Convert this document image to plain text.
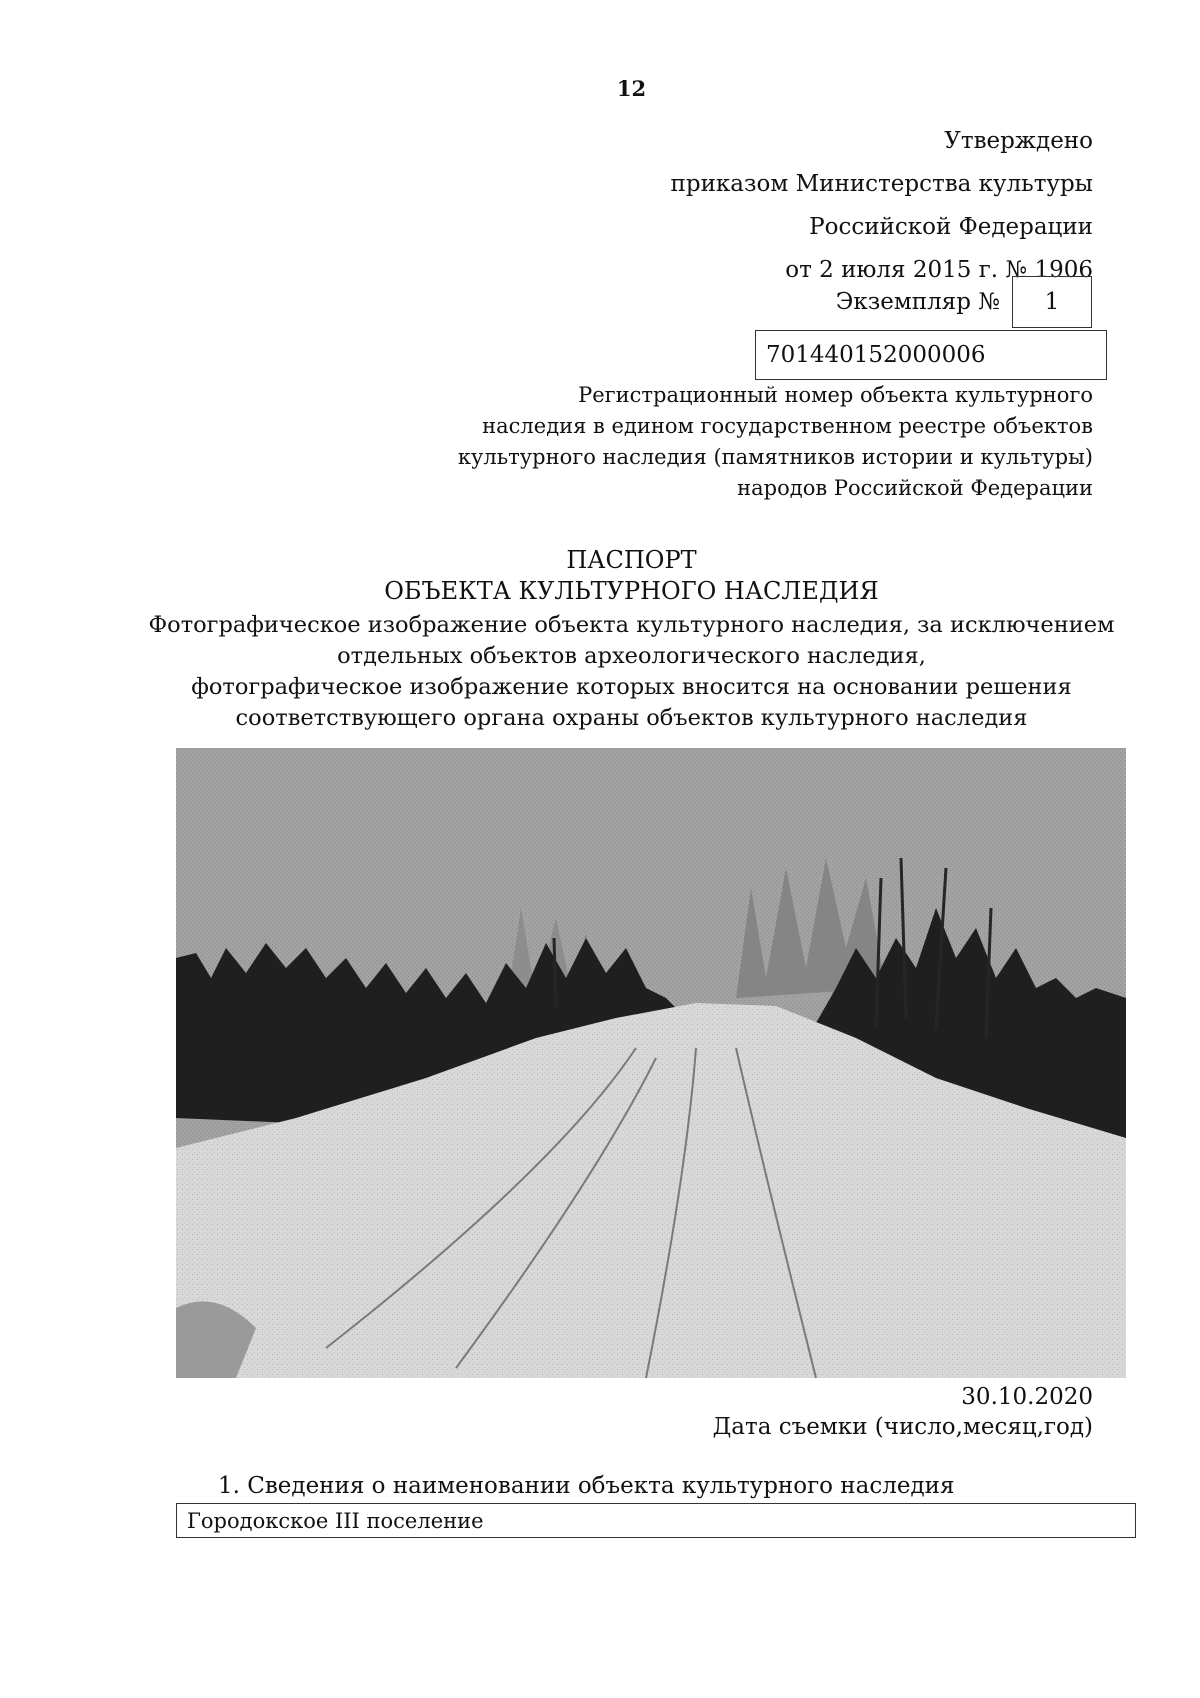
12
Утверждено
приказом Министерства культуры
Российской Федерации
от 2 июля 2015 г. № 1906
Экземпляр №	1
701440152000006
Регистрационный номер объекта культурного
наследия в едином государственном реестре объектов
культурного наследия (памятников истории и культуры)
народов Российской Федерации
ПАСПОРТ
ОБЪЕКТА КУЛЬТУРНОГО НАСЛЕДИЯ
Фотографическое изображение объекта культурного наследия, за исключением
отдельных объектов археологического наследия,
фотографическое изображение которых вносится на основании решения
соответствующего органа охраны объектов культурного наследия
30.10.2020
Дата съемки (число,месяц,год)
1. Сведения о наименовании объекта культурного наследия
Городокское III поселение
